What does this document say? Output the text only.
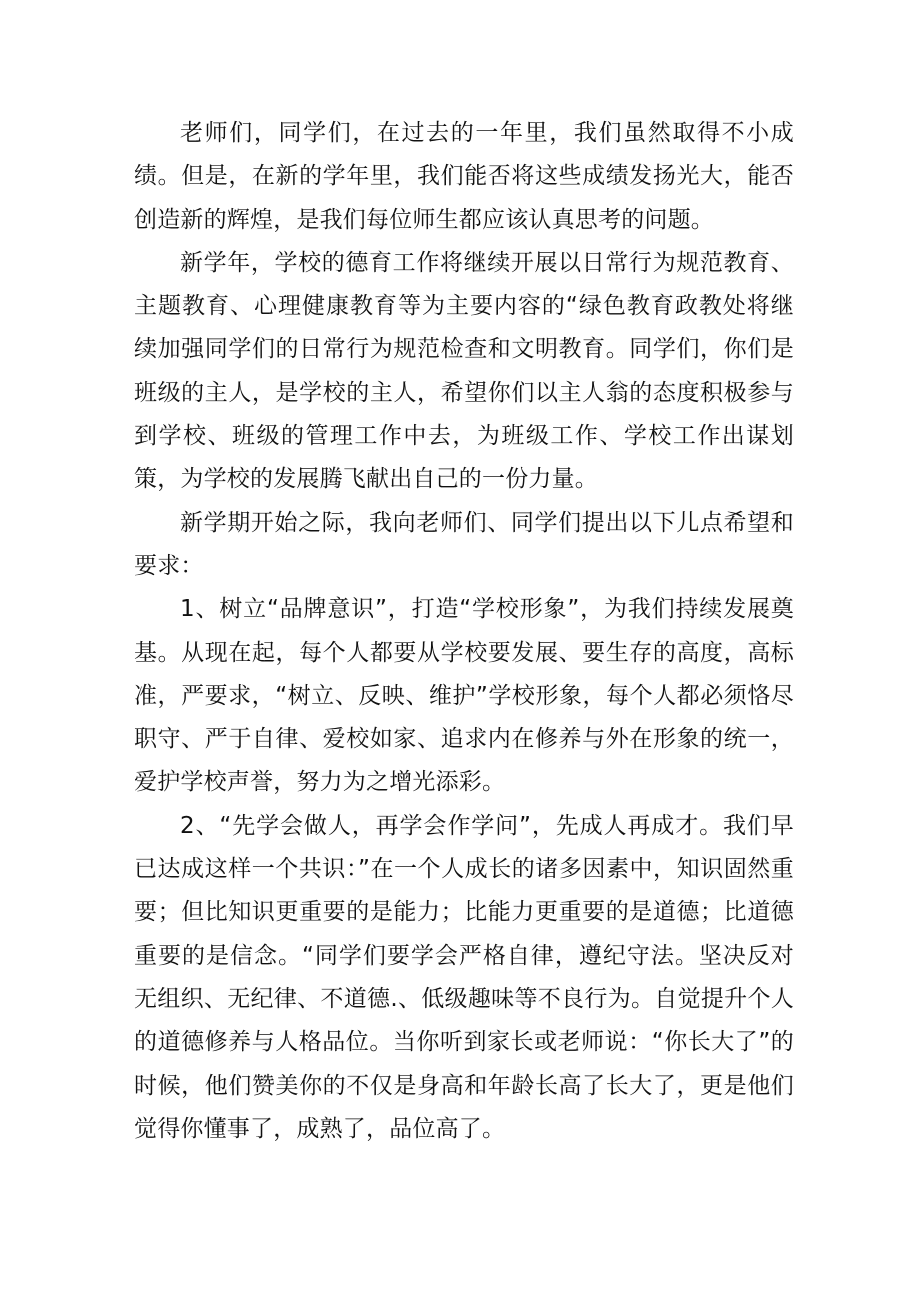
老师们，同学们，在过去的一年里，我们虽然取得不小成绩。但是，在新的学年里，我们能否将这些成绩发扬光大，能否创造新的辉煌，是我们每位师生都应该认真思考的问题。

新学年，学校的德育工作将继续开展以日常行为规范教育、主题教育、心理健康教育等为主要内容的“绿色教育政教处将继续加强同学们的日常行为规范检查和文明教育。同学们，你们是班级的主人，是学校的主人，希望你们以主人翁的态度积极参与到学校、班级的管理工作中去，为班级工作、学校工作出谋划策，为学校的发展腾飞献出自己的一份力量。

新学期开始之际，我向老师们、同学们提出以下儿点希望和要求：

1、树立“品牌意识”，打造“学校形象”，为我们持续发展奠基。从现在起，每个人都要从学校要发展、要生存的高度，高标准，严要求，“树立、反映、维护”学校形象，每个人都必须恪尽职守、严于自律、爱校如家、追求内在修养与外在形象的统一，爱护学校声誉，努力为之增光添彩。

2、“先学会做人，再学会作学问”，先成人再成才。我们早已达成这样一个共识：”在一个人成长的诸多因素中，知识固然重要；但比知识更重要的是能力；比能力更重要的是道德；比道德重要的是信念。“同学们要学会严格自律，遵纪守法。坚决反对无组织、无纪律、不道德.、低级趣味等不良行为。自觉提升个人的道德修养与人格品位。当你听到家长或老师说：“你长大了”的时候，他们赞美你的不仅是身高和年龄长高了长大了，更是他们觉得你懂事了，成熟了，品位高了。
